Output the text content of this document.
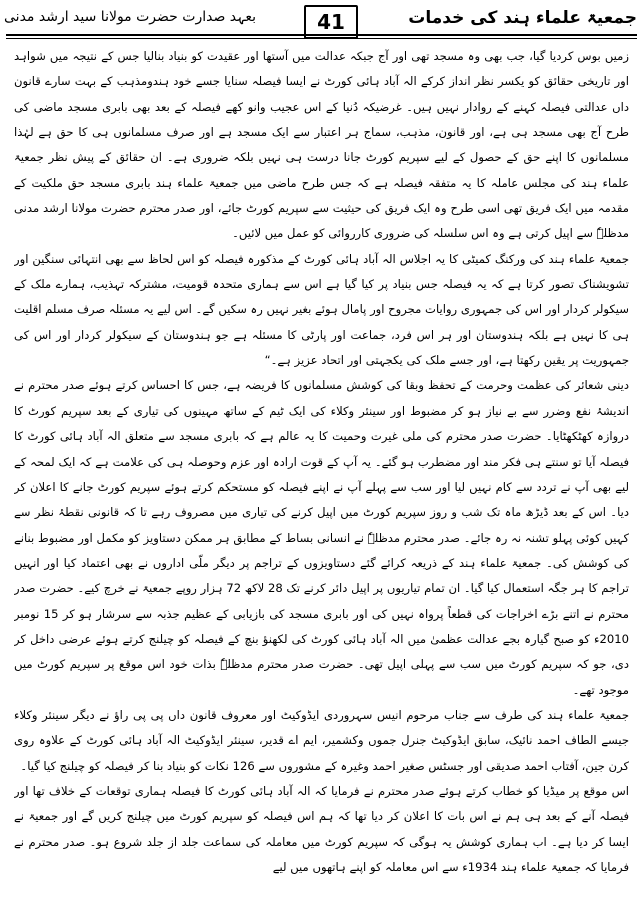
جمعیۃ علماء ہند کی خدمات
41
بعہد صدارت حضرت مولانا سید ارشد مدنی

زمیں بوس کردیا گیا، جب بھی وہ مسجد تھی اور آج جبکہ عدالت میں آستھا اور عقیدت کو بنیاد بنالیا جس کے نتیجہ میں شواہد اور تاریخی حقائق کو یکسر نظر انداز کرکے الہ آباد ہائی کورٹ نے ایسا فیصلہ سنایا جسے خود ہندومذہب کے بہت سارے قانون داں عدالتی فیصلہ کہنے کے روادار نہیں ہیں۔ غرضیکہ دُنیا کے اس عجیب وانو کھے فیصلہ کے بعد بھی بابری مسجد ماضی کی طرح آج بھی مسجد ہی ہے، اور قانون، مذہب، سماج ہر اعتبار سے ایک مسجد ہے اور صرف مسلمانوں ہی کا حق ہے لہٰذا مسلمانوں کا اپنے حق کے حصول کے لیے سپریم کورٹ جانا درست ہی نہیں بلکہ ضروری ہے۔ ان حقائق کے پیش نظر جمعیۃ علماء ہند کی مجلس عاملہ کا یہ متفقہ فیصلہ ہے کہ جس طرح ماضی میں جمعیۃ علماء ہند بابری مسجد حق ملکیت کے مقدمہ میں ایک فریق تھی اسی طرح وہ ایک فریق کی حیثیت سے سپریم کورٹ جائے، اور صدر محترم حضرت مولانا ارشد مدنی مدظلہٗ سے اپیل کرتی ہے وہ اس سلسلہ کی ضروری کارروائی کو عمل میں لائیں۔

جمعیۃ علماء ہند کی ورکنگ کمیٹی کا یہ اجلاس الہ آباد ہائی کورٹ کے مذکورہ فیصلہ کو اس لحاظ سے بھی انتہائی سنگین اور تشویشناک تصور کرتا ہے کہ یہ فیصلہ جس بنیاد پر کیا گیا ہے اس سے ہماری متحدہ قومیت، مشترکہ تہذیب، ہمارے ملک کے سیکولر کردار اور اس کی جمہوری روایات مجروح اور پامال ہوئے بغیر نہیں رہ سکیں گے۔ اس لیے یہ مسئلہ صرف مسلم اقلیت ہی کا نہیں ہے بلکہ ہندوستان اور ہر اس فرد، جماعت اور پارٹی کا مسئلہ ہے جو ہندوستان کے سیکولر کردار اور اس کی جمہوریت پر یقین رکھتا ہے، اور جسے ملک کی یکجہتی اور اتحاد عزیز ہے۔“

دینی شعائر کی عظمت وحرمت کے تحفظ وبقا کی کوشش مسلمانوں کا فریضہ ہے، جس کا احساس کرتے ہوئے صدر محترم نے اندیشۂ نفع وضرر سے بے نیاز ہو کر مضبوط اور سینئر وکلاء کی ایک ٹیم کے ساتھ مہینوں کی تیاری کے بعد سپریم کورٹ کا دروازہ کھٹکھٹایا۔ حضرت صدر محترم کی ملی غیرت وحمیت کا یہ عالم ہے کہ بابری مسجد سے متعلق الہ آباد ہائی کورٹ کا فیصلہ آیا تو سنتے ہی فکر مند اور مضطرب ہو گئے۔ یہ آپ کے قوت ارادہ اور عزم وحوصلہ ہی کی علامت ہے کہ ایک لمحہ کے لیے بھی آپ نے تردد سے کام نہیں لیا اور سب سے پہلے آپ نے اپنے فیصلہ کو مستحکم کرتے ہوئے سپریم کورٹ جانے کا اعلان کر دیا۔ اس کے بعد ڈیڑھ ماہ تک شب و روز سپریم کورٹ میں اپیل کرنے کی تیاری میں مصروف رہے تا کہ قانونی نقطۂ نظر سے کہیں کوئی پہلو تشنہ نہ رہ جائے۔ صدر محترم مدظلہٗ نے انسانی بساط کے مطابق ہر ممکن دستاویز کو مکمل اور مضبوط بنانے کی کوشش کی۔ جمعیۃ علماء ہند کے ذریعہ کرائے گئے دستاویزوں کے تراجم پر دیگر ملّی اداروں نے بھی اعتماد کیا اور انہیں تراجم کا ہر جگہ استعمال کیا گیا۔ ان تمام تیاریوں پر اپیل دائر کرنے تک 28 لاکھ 72 ہزار روپے جمعیۃ نے خرچ کیے۔ حضرت صدر محترم نے اتنے بڑے اخراجات کی قطعاً پرواہ نہیں کی اور بابری مسجد کی بازیابی کے عظیم جذبہ سے سرشار ہو کر 15 نومبر 2010ء کو صبح گیارہ بجے عدالت عظمیٰ میں الہ آباد ہائی کورٹ کی لکھنؤ بنچ کے فیصلہ کو چیلنج کرتے ہوئے عرضی داخل کر دی، جو کہ سپریم کورٹ میں سب سے پہلی اپیل تھی۔ حضرت صدر محترم مدظلہٗ بذات خود اس موقع پر سپریم کورٹ میں موجود تھے۔

جمعیۃ علماء ہند کی طرف سے جناب مرحوم انیس سہروردی ایڈوکیٹ اور معروف قانون داں پی پی راؤ نے دیگر سینئر وکلاء جیسے الطاف احمد نائیک، سابق ایڈوکیٹ جنرل جموں وکشمیر، ایم اے قدیر، سینئر ایڈوکیٹ الہ آباد ہائی کورٹ کے علاوہ روی کرن جین، آفتاب احمد صدیقی اور جسٹس صغیر احمد وغیرہ کے مشوروں سے 126 نکات کو بنیاد بنا کر فیصلہ کو چیلنج کیا گیا۔

اس موقع پر میڈیا کو خطاب کرتے ہوئے صدر محترم نے فرمایا کہ الہ آباد ہائی کورٹ کا فیصلہ ہماری توقعات کے خلاف تھا اور فیصلہ آنے کے بعد ہی ہم نے اس بات کا اعلان کر دیا تھا کہ ہم اس فیصلہ کو سپریم کورٹ میں چیلنج کریں گے اور جمعیۃ نے ایسا کر دیا ہے۔ اب ہماری کوشش یہ ہوگی کہ سپریم کورٹ میں معاملہ کی سماعت جلد از جلد شروع ہو۔ صدر محترم نے فرمایا کہ جمعیۃ علماء ہند 1934ء سے اس معاملہ کو اپنے ہاتھوں میں لیے
